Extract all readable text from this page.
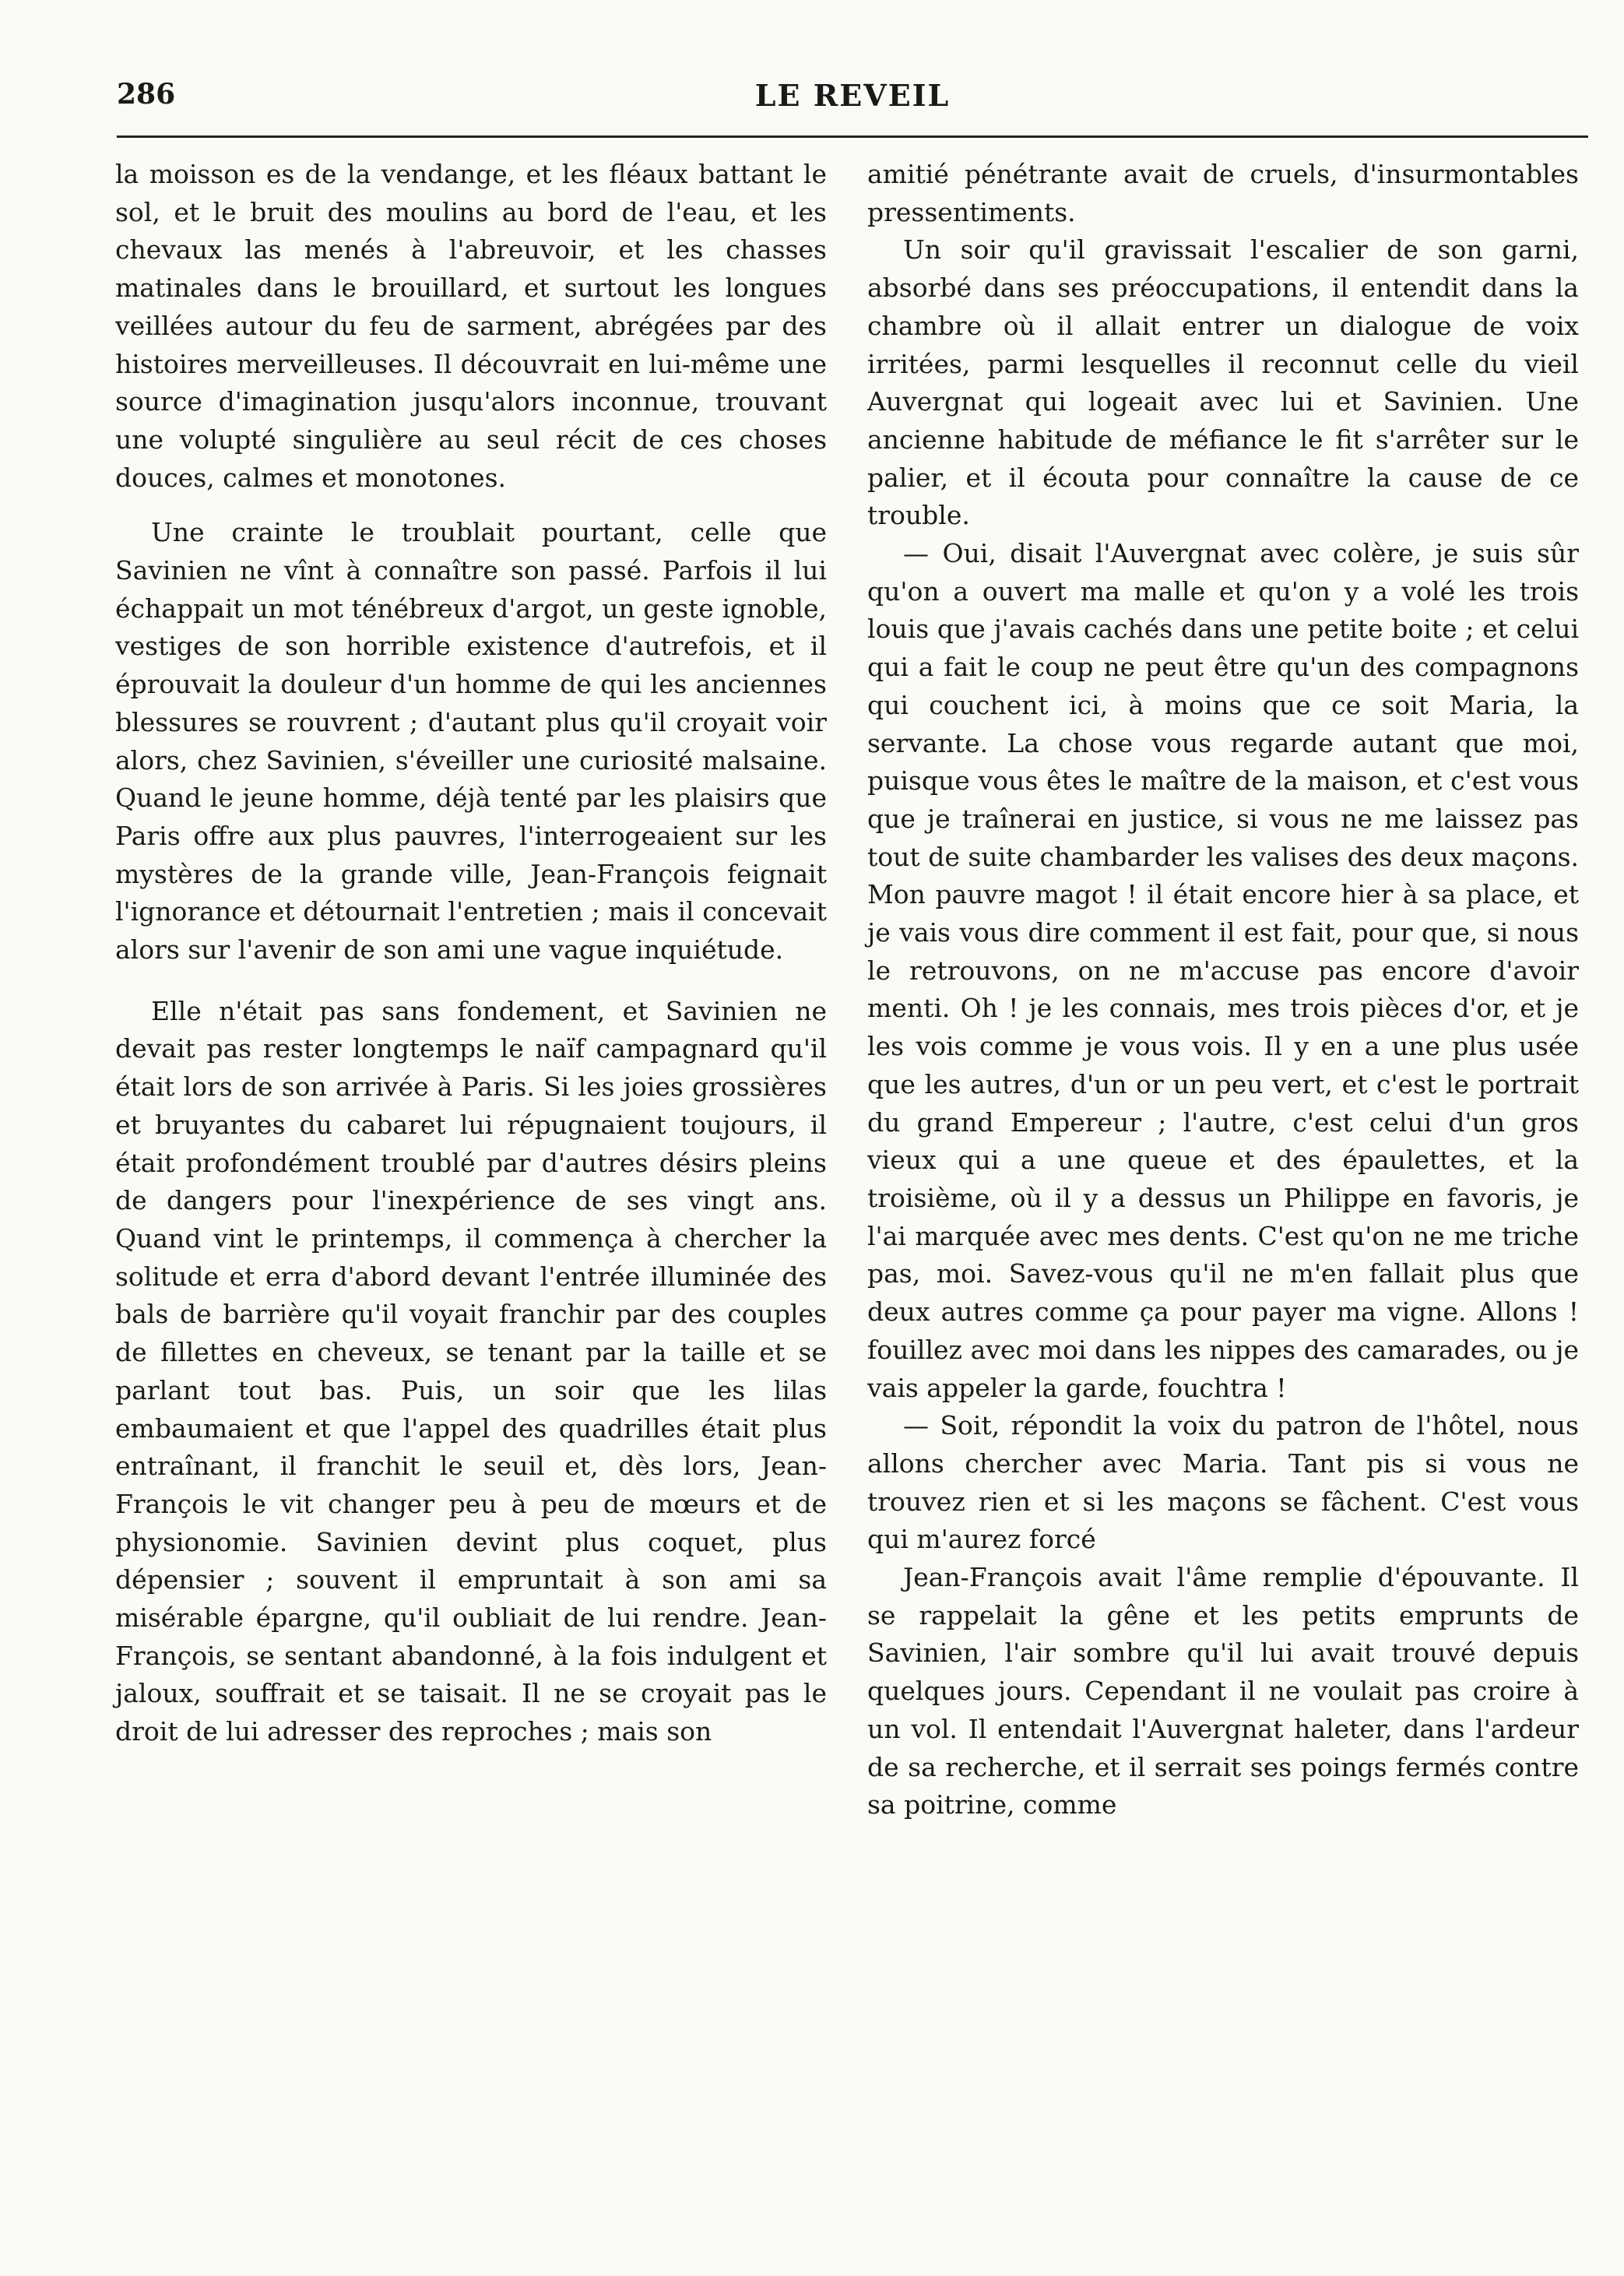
286	LE REVEIL

la moisson es de la vendange, et les fléaux battant le sol, et le bruit des moulins au bord de l'eau, et les chevaux las menés à l'abreuvoir, et les chasses matinales dans le brouillard, et surtout les longues veillées autour du feu de sarment, abrégées par des histoires merveilleuses. Il découvrait en lui-même une source d'imagination jusqu'alors inconnue, trouvant une volupté singulière au seul récit de ces choses douces, calmes et monotones.

Une crainte le troublait pourtant, celle que Savinien ne vînt à connaître son passé. Parfois il lui échappait un mot ténébreux d'argot, un geste ignoble, vestiges de son horrible existence d'autrefois, et il éprouvait la douleur d'un homme de qui les anciennes blessures se rouvrent ; d'autant plus qu'il croyait voir alors, chez Savinien, s'éveiller une curiosité malsaine. Quand le jeune homme, déjà tenté par les plaisirs que Paris offre aux plus pauvres, l'interrogeaient sur les mystères de la grande ville, Jean-François feignait l'ignorance et détournait l'entretien ; mais il concevait alors sur l'avenir de son ami une vague inquiétude.

Elle n'était pas sans fondement, et Savinien ne devait pas rester longtemps le naïf campagnard qu'il était lors de son arrivée à Paris. Si les joies grossières et bruyantes du cabaret lui répugnaient toujours, il était profondément troublé par d'autres désirs pleins de dangers pour l'inexpérience de ses vingt ans. Quand vint le printemps, il commença à chercher la solitude et erra d'abord devant l'entrée illuminée des bals de barrière qu'il voyait franchir par des couples de fillettes en cheveux, se tenant par la taille et se parlant tout bas. Puis, un soir que les lilas embaumaient et que l'appel des quadrilles était plus entraînant, il franchit le seuil et, dès lors, Jean-François le vit changer peu à peu de mœurs et de physionomie. Savinien devint plus coquet, plus dépensier ; souvent il empruntait à son ami sa misérable épargne, qu'il oubliait de lui rendre. Jean-François, se sentant abandonné, à la fois indulgent et jaloux, souffrait et se taisait. Il ne se croyait pas le droit de lui adresser des reproches ; mais son

amitié pénétrante avait de cruels, d'insurmontables pressentiments.

Un soir qu'il gravissait l'escalier de son garni, absorbé dans ses préoccupations, il entendit dans la chambre où il allait entrer un dialogue de voix irritées, parmi lesquelles il reconnut celle du vieil Auvergnat qui logeait avec lui et Savinien. Une ancienne habitude de méfiance le fit s'arrêter sur le palier, et il écouta pour connaître la cause de ce trouble.

— Oui, disait l'Auvergnat avec colère, je suis sûr qu'on a ouvert ma malle et qu'on y a volé les trois louis que j'avais cachés dans une petite boite ; et celui qui a fait le coup ne peut être qu'un des compagnons qui couchent ici, à moins que ce soit Maria, la servante. La chose vous regarde autant que moi, puisque vous êtes le maître de la maison, et c'est vous que je traînerai en justice, si vous ne me laissez pas tout de suite chambarder les valises des deux maçons. Mon pauvre magot ! il était encore hier à sa place, et je vais vous dire comment il est fait, pour que, si nous le retrouvons, on ne m'accuse pas encore d'avoir menti. Oh ! je les connais, mes trois pièces d'or, et je les vois comme je vous vois. Il y en a une plus usée que les autres, d'un or un peu vert, et c'est le portrait du grand Empereur ; l'autre, c'est celui d'un gros vieux qui a une queue et des épaulettes, et la troisième, où il y a dessus un Philippe en favoris, je l'ai marquée avec mes dents. C'est qu'on ne me triche pas, moi. Savez-vous qu'il ne m'en fallait plus que deux autres comme ça pour payer ma vigne. Allons ! fouillez avec moi dans les nippes des camarades, ou je vais appeler la garde, fouchtra !

— Soit, répondit la voix du patron de l'hôtel, nous allons chercher avec Maria. Tant pis si vous ne trouvez rien et si les maçons se fâchent. C'est vous qui m'aurez forcé

Jean-François avait l'âme remplie d'épouvante. Il se rappelait la gêne et les petits emprunts de Savinien, l'air sombre qu'il lui avait trouvé depuis quelques jours. Cependant il ne voulait pas croire à un vol. Il entendait l'Auvergnat haleter, dans l'ardeur de sa recherche, et il serrait ses poings fermés contre sa poitrine, comme
